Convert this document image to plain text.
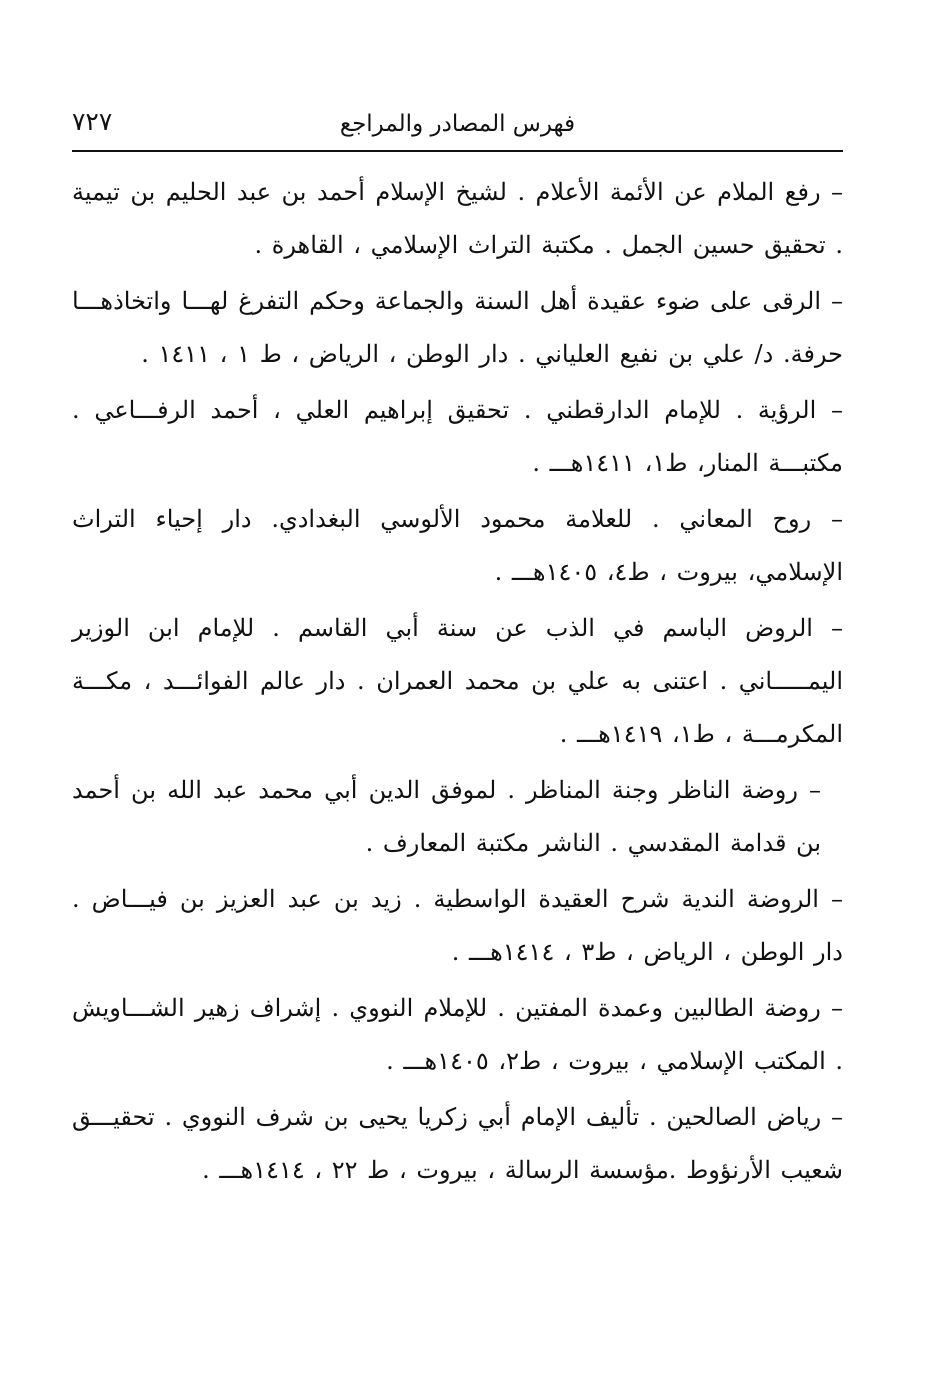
فهرس المصادر والمراجع
٧٢٧

– رفع الملام عن الأئمة الأعلام . لشيخ الإسلام أحمد بن عبد الحليم بن تيمية . تحقيق حسين الجمل . مكتبة التراث الإسلامي ، القاهرة .

– الرقى على ضوء عقيدة أهل السنة والجماعة وحكم التفرغ لهـــا واتخاذهـــا حرفة. د/ علي بن نفيع العلياني . دار الوطن ، الرياض ، ط ١ ، ١٤١١ .

– الرؤية . للإمام الدارقطني . تحقيق إبراهيم العلي ، أحمد الرفـــاعي . مكتبـــة المنار، ط١، ١٤١١هـــ .

– روح المعاني . للعلامة محمود الألوسي البغدادي. دار إحياء التراث الإسلامي، بيروت ، ط٤، ١٤٠٥هـــ .

– الروض الباسم في الذب عن سنة أبي القاسم . للإمام ابن الوزير اليمـــــاني . اعتنى به علي بن محمد العمران . دار عالم الفوائـــد ، مكـــة المكرمـــة ، ط١، ١٤١٩هـــ .

– روضة الناظر وجنة المناظر . لموفق الدين أبي محمد عبد الله بن أحمد بن قدامة المقدسي . الناشر مكتبة المعارف .

– الروضة الندية شرح العقيدة الواسطية . زيد بن عبد العزيز بن فيـــاض . دار الوطن ، الرياض ، ط٣ ، ١٤١٤هـــ .

– روضة الطالبين وعمدة المفتين . للإملام النووي . إشراف زهير الشـــاويش . المكتب الإسلامي ، بيروت ، ط٢، ١٤٠٥هـــ .

– رياض الصالحين . تأليف الإمام أبي زكريا يحيى بن شرف النووي . تحقيـــق شعيب الأرنؤوط .مؤسسة الرسالة ، بيروت ، ط ٢٢ ، ١٤١٤هـــ .
